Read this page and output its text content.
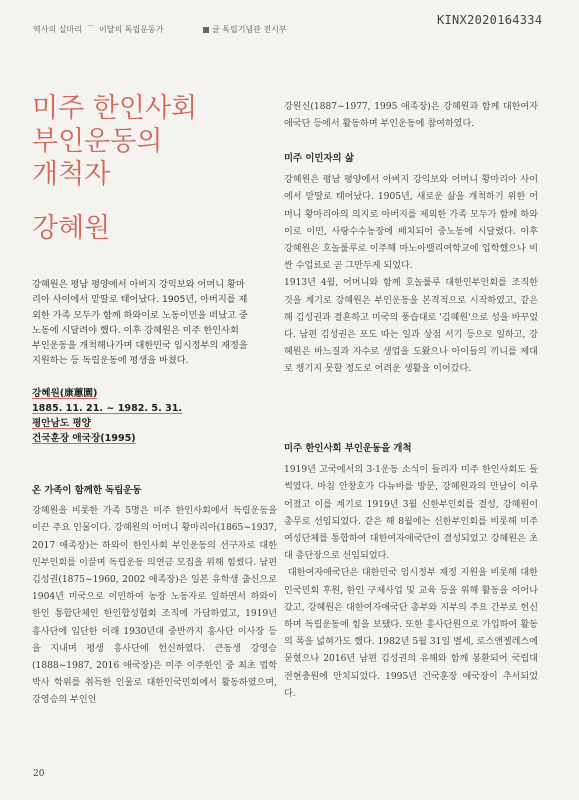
역사의 실마리 ⌒ 이달의 독립운동가	글 독립기념관 전시부
KINX2020164334
미주 한인사회
부인운동의
개척자
강혜원

강혜원은 평남 평양에서 아버지 강익보와 어머니 황마리아 사이에서 맏딸로 태어났다. 1905년, 아버지를 제외한 가족 모두가 함께 하와이로 노동이민을 떠났고 중노동에 시달려야 했다. 이후 강혜원은 미주 한인사회 부인운동을 개척해나가며 대한민국 임시정부의 재정을 지원하는 등 독립운동에 평생을 바쳤다.

강혜원(康蕙園)
1885. 11. 21. ~ 1982. 5. 31.
평안남도 평양
건국훈장 애국장(1995)
온 가족이 함께한 독립운동

강혜원을 비롯한 가족 5명은 미주 한인사회에서 독립운동을 이끈 주요 인물이다. 강혜원의 어머니 황마리아(1865~1937, 2017 애족장)는 하와이 한인사회 부인운동의 선구자로 대한인부인회를 이끌며 독립운동 의연금 모집을 위해 힘썼다. 남편 김성권(1875~1960, 2002 애족장)은 일본 유학생 출신으로 1904년 미국으로 이민하여 농장 노동자로 일하면서 하와이 한인 통합단체인 한인합성협회 조직에 가담하였고, 1919년 흥사단에 입단한 이래 1930년대 중반까지 흥사단 이사장 등을 지내며 평생 흥사단에 헌신하였다. 큰동생 강영승(1888~1987, 2016 애국장)은 미주 이주한인 중 최초 법학박사 학위를 취득한 인물로 대한인국민회에서 활동하였으며, 강영승의 부인인

강원신(1887~1977, 1995 애족장)은 강혜원과 함께 대한여자애국단 등에서 활동하며 부인운동에 참여하였다.

미주 이민자의 삶

강혜원은 평남 평양에서 아버지 강익보와 어머니 황마리아 사이에서 맏딸로 태어났다. 1905년, 새로운 삶을 개척하기 위한 어머니 황마리아의 의지로 아버지를 제외한 가족 모두가 함께 하와이로 이민, 사탕수수농장에 배치되어 중노동에 시달렸다. 이후 강혜원은 호놀룰루로 이주해 마노아밸리여학교에 입학했으나 비싼 수업료로 곧 그만두게 되었다.

1913년 4월, 어머니와 함께 호놀룰루 대한인부인회를 조직한 것을 계기로 강혜원은 부인운동을 본격적으로 시작하였고, 같은 해 김성권과 결혼하고 미국의 풍습대로 '김혜원'으로 성을 바꾸었다. 남편 김성권은 포도 따는 일과 상점 서기 등으로 일하고, 강혜원은 바느질과 자수로 생업을 도왔으나 아이들의 끼니를 제대로 챙기지 못할 정도로 어려운 생활을 이어갔다.

미주 한인사회 부인운동을 개척

1919년 고국에서의 3·1운동 소식이 들리자 미주 한인사회도 들썩였다. 마침 안창호가 다뉴바를 방문, 강혜원과의 만남이 이루어졌고 이를 계기로 1919년 3월 신한부인회를 결성, 강혜원이 총무로 선임되었다. 같은 해 8월에는 신한부인회를 비롯해 미주 여성단체를 통합하여 대한여자애국단이 결성되었고 강혜원은 초대 총단장으로 선임되었다.

대한여자애국단은 대한민국 임시정부 재정 지원을 비롯해 대한인국민회 후원, 한인 구제사업 및 교육 등을 위해 활동을 이어나갔고, 강혜원은 대한여자애국단 총부와 지부의 주요 간부로 헌신하며 독립운동에 힘을 보탰다. 또한 흥사단원으로 가입하여 활동의 폭을 넓혀가도 했다. 1982년 5월 31일 별세, 로스앤젤레스에 묻혔으나 2016년 남편 김성권의 유해와 함께 봉환되어 국립대전현충원에 안치되었다. 1995년 건국훈장 애국장이 추서되었다.

20
